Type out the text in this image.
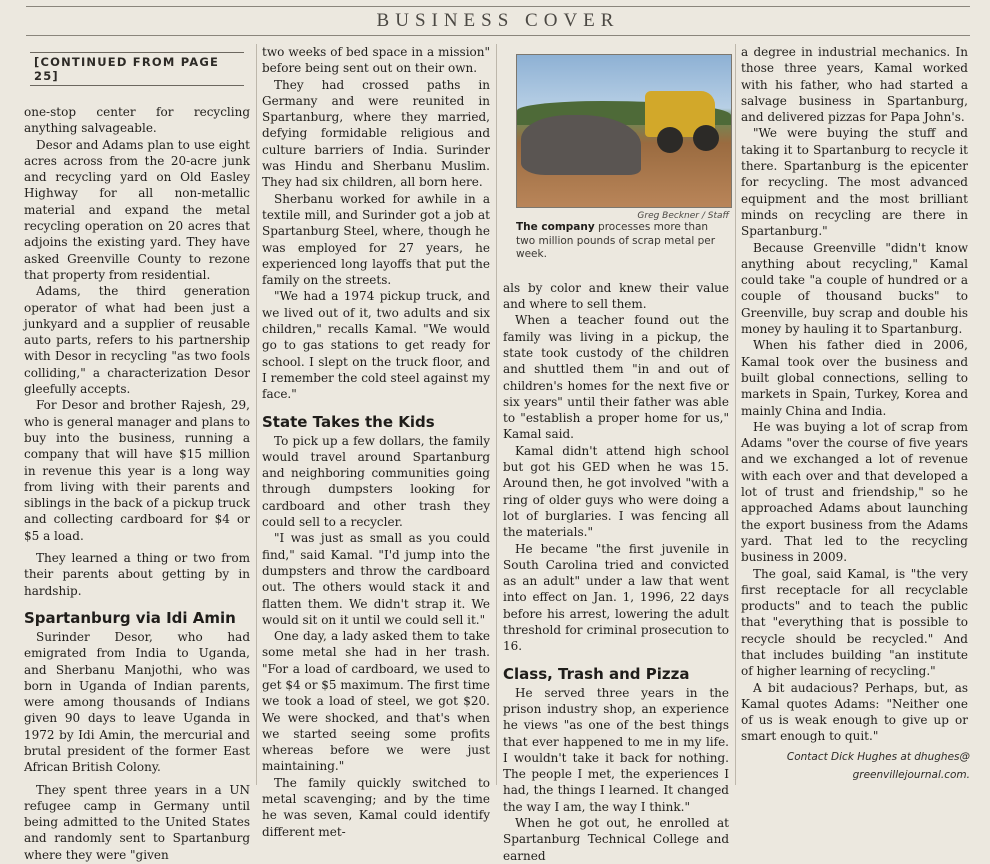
BUSINESS COVER
[CONTINUED FROM PAGE 25]

one-stop center for recycling anything salvageable.

Desor and Adams plan to use eight acres across from the 20-acre junk and recycling yard on Old Easley Highway for all non-metallic material and expand the metal recycling operation on 20 acres that adjoins the existing yard. They have asked Greenville County to rezone that property from residential.

Adams, the third generation operator of what had been just a junkyard and a supplier of reusable auto parts, refers to his partnership with Desor in recycling "as two fools colliding," a characterization Desor gleefully accepts.

For Desor and brother Rajesh, 29, who is general manager and plans to buy into the business, running a company that will have $15 million in revenue this year is a long way from living with their parents and siblings in the back of a pickup truck and collecting cardboard for $4 or $5 a load.

They learned a thing or two from their parents about getting by in hardship.

Spartanburg via Idi Amin

Surinder Desor, who had emigrated from India to Uganda, and Sherbanu Manjothi, who was born in Uganda of Indian parents, were among thousands of Indians given 90 days to leave Uganda in 1972 by Idi Amin, the mercurial and brutal president of the former East African British Colony.

They spent three years in a UN refugee camp in Germany until being admitted to the United States and randomly sent to Spartanburg where they were "given

two weeks of bed space in a mission" before being sent out on their own.

They had crossed paths in Germany and were reunited in Spartanburg, where they married, defying formidable religious and culture barriers of India. Surinder was Hindu and Sherbanu Muslim. They had six children, all born here.

Sherbanu worked for awhile in a textile mill, and Surinder got a job at Spartanburg Steel, where, though he was employed for 27 years, he experienced long layoffs that put the family on the streets.

"We had a 1974 pickup truck, and we lived out of it, two adults and six children," recalls Kamal. "We would go to gas stations to get ready for school. I slept on the truck floor, and I remember the cold steel against my face."

State Takes the Kids

To pick up a few dollars, the family would travel around Spartanburg and neighboring communities going through dumpsters looking for cardboard and other trash they could sell to a recycler.

"I was just as small as you could find," said Kamal. "I'd jump into the dumpsters and throw the cardboard out. The others would stack it and flatten them. We didn't strap it. We would sit on it until we could sell it."

One day, a lady asked them to take some metal she had in her trash. "For a load of cardboard, we used to get $4 or $5 maximum. The first time we took a load of steel, we got $20. We were shocked, and that's when we started seeing some profits whereas before we were just maintaining."

The family quickly switched to metal scavenging; and by the time he was seven, Kamal could identify different met-

Greg Beckner / Staff
The company processes more than two million pounds of scrap metal per week.

als by color and knew their value and where to sell them.

When a teacher found out the family was living in a pickup, the state took custody of the children and shuttled them "in and out of children's homes for the next five or six years" until their father was able to "establish a proper home for us," Kamal said.

Kamal didn't attend high school but got his GED when he was 15. Around then, he got involved "with a ring of older guys who were doing a lot of burglaries. I was fencing all the materials."

He became "the first juvenile in South Carolina tried and convicted as an adult" under a law that went into effect on Jan. 1, 1996, 22 days before his arrest, lowering the adult threshold for criminal prosecution to 16.

Class, Trash and Pizza

He served three years in the prison industry shop, an experience he views "as one of the best things that ever happened to me in my life. I wouldn't take it back for nothing. The people I met, the experiences I had, the things I learned. It changed the way I am, the way I think."

When he got out, he enrolled at Spartanburg Technical College and earned

a degree in industrial mechanics. In those three years, Kamal worked with his father, who had started a salvage business in Spartanburg, and delivered pizzas for Papa John's.

"We were buying the stuff and taking it to Spartanburg to recycle it there. Spartanburg is the epicenter for recycling. The most advanced equipment and the most brilliant minds on recycling are there in Spartanburg."

Because Greenville "didn't know anything about recycling," Kamal could take "a couple of hundred or a couple of thousand bucks" to Greenville, buy scrap and double his money by hauling it to Spartanburg.

When his father died in 2006, Kamal took over the business and built global connections, selling to markets in Spain, Turkey, Korea and mainly China and India.

He was buying a lot of scrap from Adams "over the course of five years and we exchanged a lot of revenue with each over and that developed a lot of trust and friendship," so he approached Adams about launching the export business from the Adams yard. That led to the recycling business in 2009.

The goal, said Kamal, is "the very first receptacle for all recyclable products" and to teach the public that "everything that is possible to recycle should be recycled." And that includes building "an institute of higher learning of recycling."

A bit audacious? Perhaps, but, as Kamal quotes Adams: "Neither one of us is weak enough to give up or smart enough to quit."

Contact Dick Hughes at dhughes@
greenvillejournal.com.
